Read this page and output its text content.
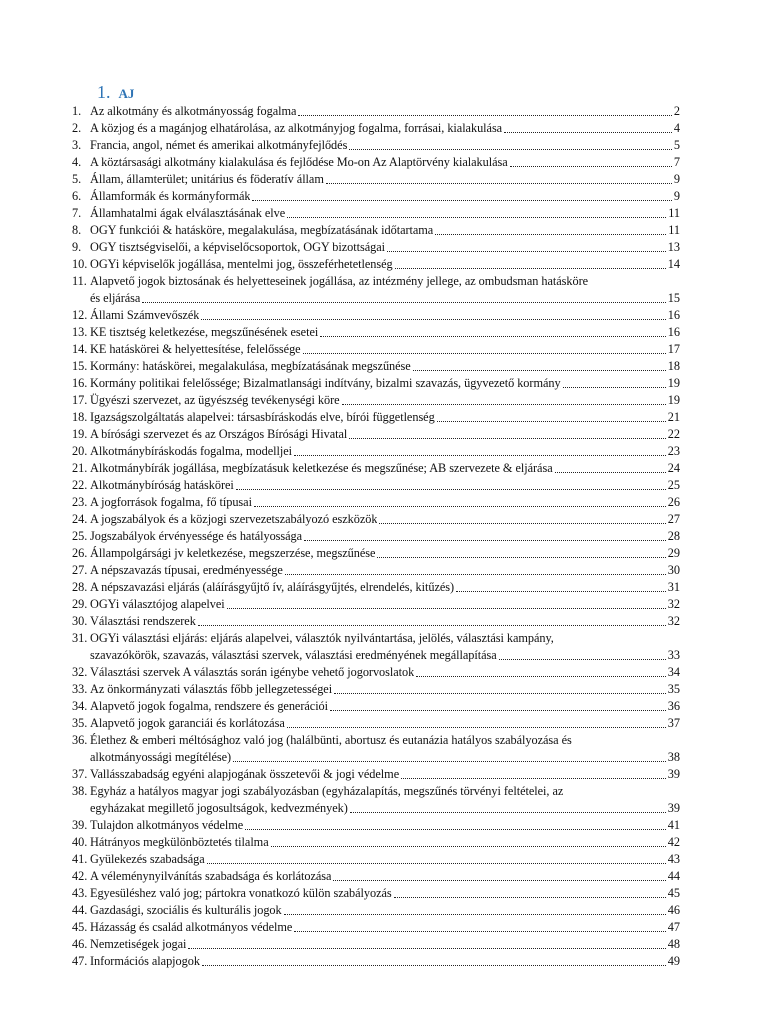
1. AJ
1. Az alkotmány és alkotmányosság fogalma	2
2. A közjog és a magánjog elhatárolása, az alkotmányjog fogalma, forrásai, kialakulása	4
3. Francia, angol, német és amerikai alkotmányfejlődés	5
4. A köztársasági alkotmány kialakulása és fejlődése Mo-on Az Alaptörvény kialakulása	7
5. Állam, államterület; unitárius és föderatív állam	9
6. Államformák és kormányformák	9
7. Államhatalmi ágak elválasztásának elve	11
8. OGY funkciói & hatásköre, megalakulása, megbízatásának időtartama	11
9. OGY tisztségviselői, a képviselőcsoportok, OGY bizottságai	13
10. OGYi képviselők jogállása, mentelmi jog, összeférhetetlenség	14
11. Alapvető jogok biztosának és helyetteseinek jogállása, az intézmény jellege, az ombudsman hatásköre
és eljárása	15
12. Állami Számvevőszék	16
13. KE tisztség keletkezése, megszűnésének esetei	16
14. KE hatáskörei & helyettesítése, felelőssége	17
15. Kormány: hatáskörei, megalakulása, megbízatásának megszűnése	18
16. Kormány politikai felelőssége; Bizalmatlansági indítvány, bizalmi szavazás, ügyvezető kormány	19
17. Ügyészi szervezet, az ügyészség tevékenységi köre	19
18. Igazságszolgáltatás alapelvei: társasbíráskodás elve, bírói függetlenség	21
19. A bírósági szervezet és az Országos Bírósági Hivatal	22
20. Alkotmánybíráskodás fogalma, modelljei	23
21. Alkotmánybírák jogállása, megbízatásuk keletkezése és megszűnése; AB szervezete & eljárása	24
22. Alkotmánybíróság hatáskörei	25
23. A jogforrások fogalma, fő típusai	26
24. A jogszabályok és a közjogi szervezetszabályozó eszközök	27
25. Jogszabályok érvényessége és hatályossága	28
26. Állampolgársági jv keletkezése, megszerzése, megszűnése	29
27. A népszavazás típusai, eredményessége	30
28. A népszavazási eljárás (aláírásgyűjtő ív, aláírásgyűjtés, elrendelés, kitűzés)	31
29. OGYi választójog alapelvei	32
30. Választási rendszerek	32
31. OGYi választási eljárás: eljárás alapelvei, választók nyilvántartása, jelölés, választási kampány,
szavazókörök, szavazás, választási szervek, választási eredményének megállapítása	33
32. Választási szervek A választás során igénybe vehető jogorvoslatok	34
33. Az önkormányzati választás főbb jellegzetességei	35
34. Alapvető jogok fogalma, rendszere és generációi	36
35. Alapvető jogok garanciái és korlátozása	37
36. Élethez & emberi méltósághoz való jog (halálbünti, abortusz és eutanázia hatályos szabályozása és
alkotmányossági megítélése)	38
37. Vallásszabadság egyéni alapjogának összetevői & jogi védelme	39
38. Egyház a hatályos magyar jogi szabályozásban (egyházalapítás, megszűnés törvényi feltételei, az
egyházakat megillető jogosultságok, kedvezmények)	39
39. Tulajdon alkotmányos védelme	41
40. Hátrányos megkülönböztetés tilalma	42
41. Gyülekezés szabadsága	43
42. A véleménynyilvánítás szabadsága és korlátozása	44
43. Egyesüléshez való jog; pártokra vonatkozó külön szabályozás	45
44. Gazdasági, szociális és kulturális jogok	46
45. Házasság és család alkotmányos védelme	47
46. Nemzetiségek jogai	48
47. Információs alapjogok	49
